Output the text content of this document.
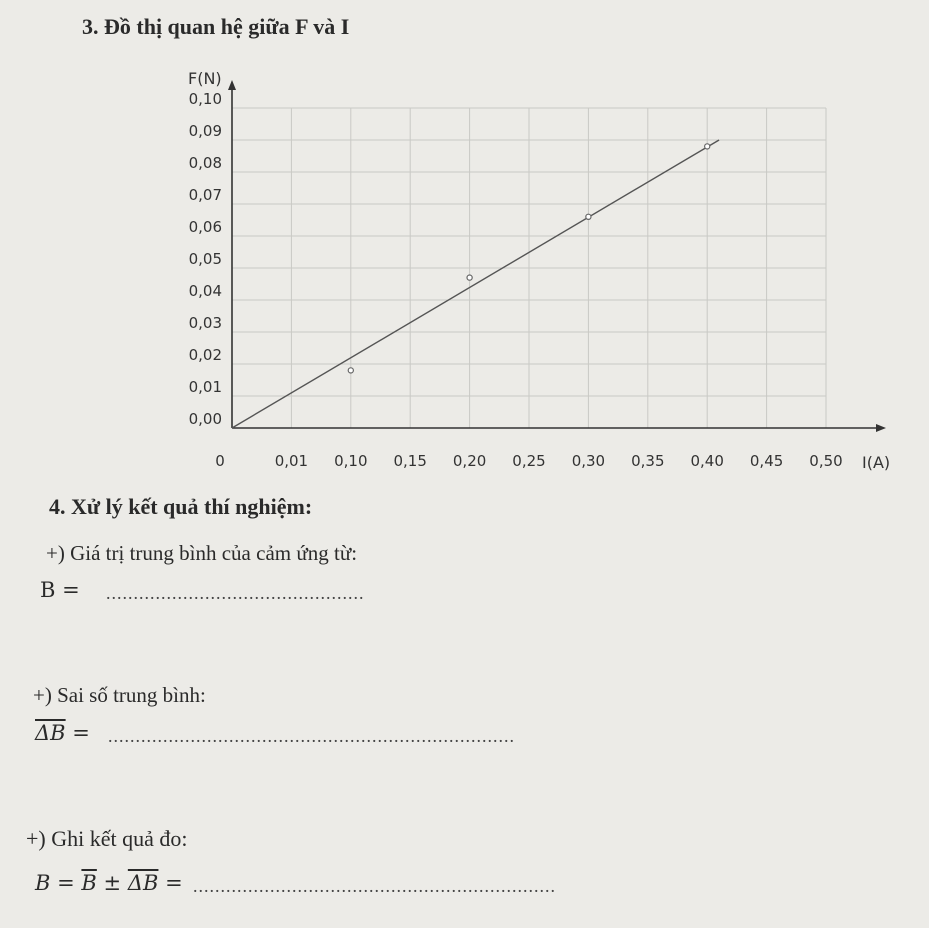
3. Đồ thị quan hệ giữa F và I
0,10
0,09
0,08
0,07
0,06
0,05
0,04
0,03
0,02
0,01
0,00
0	0,01 0,10 0,15 0,20 0,25 0,30 0,35 0,40 0,45 0,50
F(N)
I(A)
4. Xử lý kết quả thí nghiệm:
+) Giá trị trung bình của cảm ứng từ:
B = ...............................................
+) Sai số trung bình:
$\overline{\Delta B}$ = ..........................................................................
+) Ghi kết quả đo:
$B = \overline{B} \pm \overline{\Delta B}$ = ..................................................................
